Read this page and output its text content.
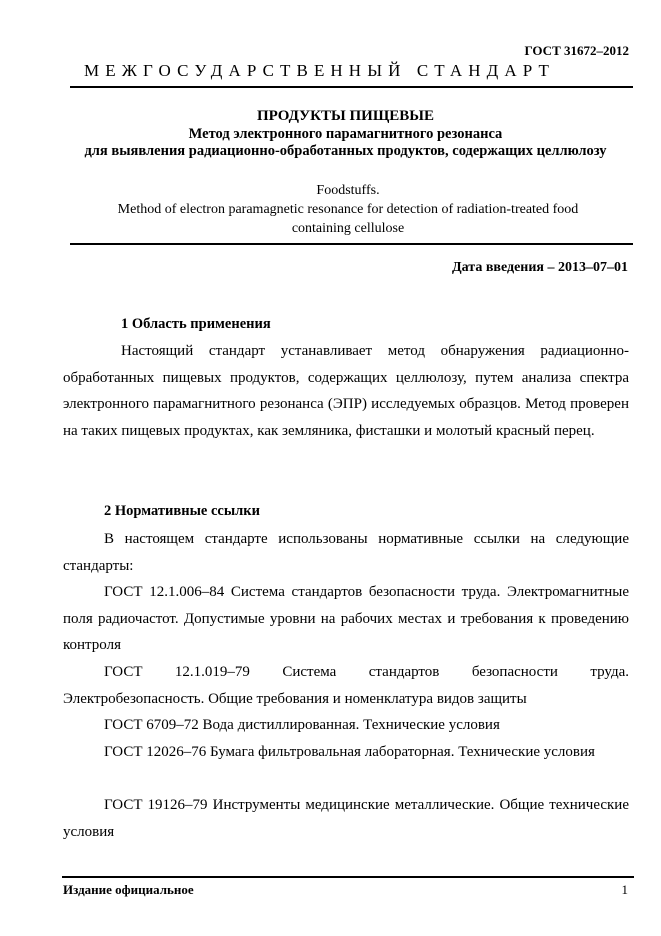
ГОСТ 31672–2012
МЕЖГОСУДАРСТВЕННЫЙ СТАНДАРТ
ПРОДУКТЫ ПИЩЕВЫЕ
Метод электронного парамагнитного резонанса
для выявления радиационно-обработанных продуктов, содержащих целлюлозу
Foodstuffs.
Method of electron paramagnetic resonance for detection of radiation-treated food
containing cellulose
Дата введения – 2013–07–01
1 Область применения
Настоящий стандарт устанавливает метод обнаружения радиационно-обработанных пищевых продуктов, содержащих целлюлозу, путем анализа спектра электронного парамагнитного резонанса (ЭПР) исследуемых образцов. Метод проверен на таких пищевых продуктах, как земляника, фисташки и молотый красный перец.
2 Нормативные ссылки
В настоящем стандарте использованы нормативные ссылки на следующие стандарты:
ГОСТ 12.1.006–84 Система стандартов безопасности труда. Электромагнитные поля радиочастот. Допустимые уровни на рабочих местах и требования к проведению контроля
ГОСТ 12.1.019–79 Система стандартов безопасности труда. Электробезопасность. Общие требования и номенклатура видов защиты
ГОСТ 6709–72 Вода дистиллированная. Технические условия
ГОСТ 12026–76 Бумага фильтровальная лабораторная. Технические условия
ГОСТ 19126–79 Инструменты медицинские металлические. Общие технические условия
Издание официальное	1
